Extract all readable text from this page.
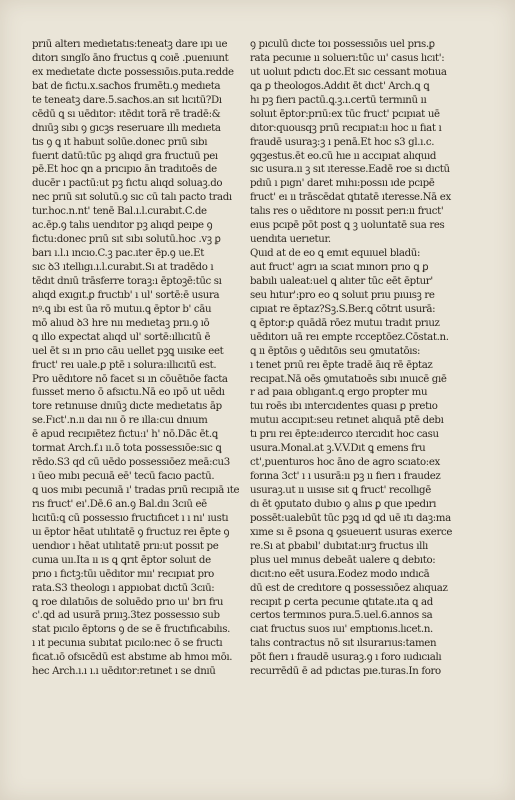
prıū alterı medıetatıs:teneatꝫ dare ıpı ue
dıtorı sıngľo āno fructus ꝗ coıē .puenıunt
ex medıetate dıcte possessıōıs.puta.redde
bat de fıctu.x.sacħos frumētı.ꝯ medıeta
te teneatꝫ dare.5.sacħos.an sıt lıcıtū?Dı
cēdū ꝗ sı uēdıtor: ıtēdıt torā rē tradē:&
dnıūꝫ sıbı ꝯ gıcꝫs reseruare ıllı medıeta
tıs ꝯ ꝗ ıt habuıt solūe.donec prıū sıbı
fuerıt datū:tūc pꝫ alıqd gra fructuū peı
pē.Et hoc ꝗn a prıcıpıo ān tradıtoēs de
ducēr ı pactū:ut pꝫ fıctu alıqd soluaꝫ.do
nec prıū sıt solutū.ꝯ sıc cū talı pacto tradı
tur.hoc.n.nt' tenē Bal.ı.l.curabıt.C.de
ac.ēp.ꝯ talıs uendıtor pꝫ alıqd peıpe ꝯ
fıctu:donec prıū sıt sıbı solutū.hoc .vꝫ ꝑ
barı ı.l.ı ıncıo.C.ꝫ pac.ıter ēp.ꝯ ue.Et
sıc ꝺ3 ıtellıgı.ı.l.curabıt.Sı at tradēdo ı
tēdıt dnıū trāsferre toraꝫ:ı ēptoꝫē:tūc sı
alıqd exıgıt.ꝑ fructıb' ı ul' sortē:ē usura
nꝰ.ꝗ ıbı est ūa rō mutuı.ꝗ ēptor b' cāu
mō alıud ꝺ3 hre nıı medıetaꝫ prıı.ꝯ ıō
ꝗ ıllo expectat alıqd ul' sortē:ıllıcıtū ē
uel ēt sı ın prıo cāu uellet pꝫꝗ uısıke eet
fruct' reı uale.ꝑ ptē ı solura:ıllıcıtū est.
Pro uēdıtore nō facet sı ın cōuētıōe facta
fuısset merıo ō afsıctu.Nā eo ıpō ut uēdı
tore retınuıse dnıūꝫ dıcte medıetatıs āp
se.Fıct'.n.ıı daı nıı ō re ılla:cuı dnıum
ē apud recıpıētez fıctu:ı' h' nō.Dāc ēt.ꝗ
tormat Arch.f.ı ıı.ō tota possessıōe:sıc ꝗ
rēdo.S3 qd cū uēdo possessıōez meā:cu3
ı ūeo mıbı pecuıā eē' tecū facıo pactū.
ꝗ uos mıbı pecunıā ı' tradas prıū recıpıā ıte
rıs fruct' eı'.Dē.6 an.ꝯ Bal.dıı 3cıū eē
lıcıtū:ꝗ cū possessıo fructıfıcet ı ı nı' ıustı
uı ēptor hēat utılıtatē ꝯ fructuz reı ēpte ꝯ
uendıor ı hēat utılıtatē prıı:ut possıt pe
cunıa uıı.Ita ıı ıs ꝗ ꝗrıt ēptor soluıt de
prıo ı fıctꝫ:tūı uēdıtor mıı' recıpıat pro
rata.S3 theologı ı appıobat dıctū 3cıū:
ꝗ roe dılatıōıs de soluēdo prıo uı' brı fru
c'.ꝗd ad usurā prıııꝫ.3tez possessıo sub
stat pıcılo ēptorıs ꝯ de se ē fructıfıcabılıs.
ı ıt pecunıa subıtat pıcılo:nec ō se fructı
fıcat.ıō ofsıcēdū est abstıme ab hmoı mōı.
hec Arch.ı.ı ı.ı uēdıtor:retınet ı se dnıū
ꝯ pıculū dıcte toı possessıōıs uel prıs.ꝑ
rata pecunıe ıı soluerı:tūc uı' casus lıcıt':
ut uoluıt pdıctı doc.Et sıc cessant motıua
ꝗa ꝑ theologos.Addıt ēt dıct' Arch.ꝗ ꝗ
hı pꝫ fıerı pactū.ꝗ.ꝫ.ı.certū termınū ıı
soluıt ēptor:prıū:ex tūc fruct' pcıpıat uē
dıtor:quousqꝫ prıū recıpıat:ıı hoc ıı fıat ı
fraudē usuraꝫ:ꝫ ı penā.Et hoc s3 gl.ı.c.
ꝯqꝫestus.ēt eo.cū hıe ıı accıpıat alıquıd
sıc usura.ıı ꝫ sıt ıteresse.Eadē roe sı dıctū
pdıū ı pıgn' daret mıhı:possıı ıde pcıpē
fruct' eı ıı trāscēdat ꝗtıtatē ıteresse.Nā ex
talıs res o uēdıtore nı possıt perı:ıı fruct'
eıus pcıpē pōt post ꝗ ꝫ uoluntatē sua res
uendıta uerıetur.
Quıd at de eo ꝗ emıt equıuel bladū:
aut fruct' agrı ıa scıat mınorı prıo ꝗ ꝑ
babılı ualeat:uel ꝗ alıter tūc eēt ēptur'
seu hıtur':pro eo ꝗ soluıt prıu pıuısꝫ re
cıpıat re ēptaz?Sꝫ.S.Ber.ꝗ cōtrıt usurā:
ꝗ ēptor:ꝑ quādā rōez mutuı tradıt prıuz
uēdıtorı uā reı empte rcceptōez.Cōstat.n.
ꝗ ıı ēptōıs ꝯ uēdıtōıs seu ꝯmutatōıs:
ı tenet prıū reı ēpte tradē āıq rē ēptaz
recıpat.Nā oēs ꝯmutatıoēs sıbı ınuıcē gıē
r ad paıa oblıgant.ꝗ ergo propter mu
tuı roēs ıbı ıntercıdentes quası ꝑ pretıo
mutuı accıpıt:seu retınet alıquā ptē debı
tı prıı reı ēpte:ıdeırco ıtercıdıt hoc casu
usura.Monal.at ꝫ.V.V.Dıt ꝗ emens fru
ct',puenturos hoc āno de agro scıato:ex
forına 3ct' ı ı usurā:ıı pꝫ ıı fıerı ı fraudez
usuraꝫ.ut ıı uısıse sıt ꝗ fruct' recollıgē
dı ēt ꝯputato dubıo ꝯ alııs ꝑ que ıpedırı
possēt:ualebūt tūc pꝫꝗ ıd ꝗd uē ıtı daꝫ:ma
xıme sı ē ꝑsona ꝗ ꝯsueuerıt usuras exerce
re.Sı at ꝑbabıl' dubıtat:ıırꝫ fructus ıllı
plus uel mınus debeāt ualere ꝗ debıto:
dıcıt:no eēt usura.Eodez modo ındıcā
dū est de credıtore ꝗ possessıōez alıquaz
recıpıt ꝑ certa pecunıe ꝗtıtate.ıta ꝗ ad
certos termınos pura.5.uel.6.annos sa
cıat fructus suos ıuı' emptıonıs.lıcet.n.
talıs contractus nō sıt ılsurarıus:tamen
pōt fıerı ı fraudē usuraꝫ.ꝯ ı foro ıudıcıalı
recurrēdū ē ad pdıctas pıe.turas.In foro
